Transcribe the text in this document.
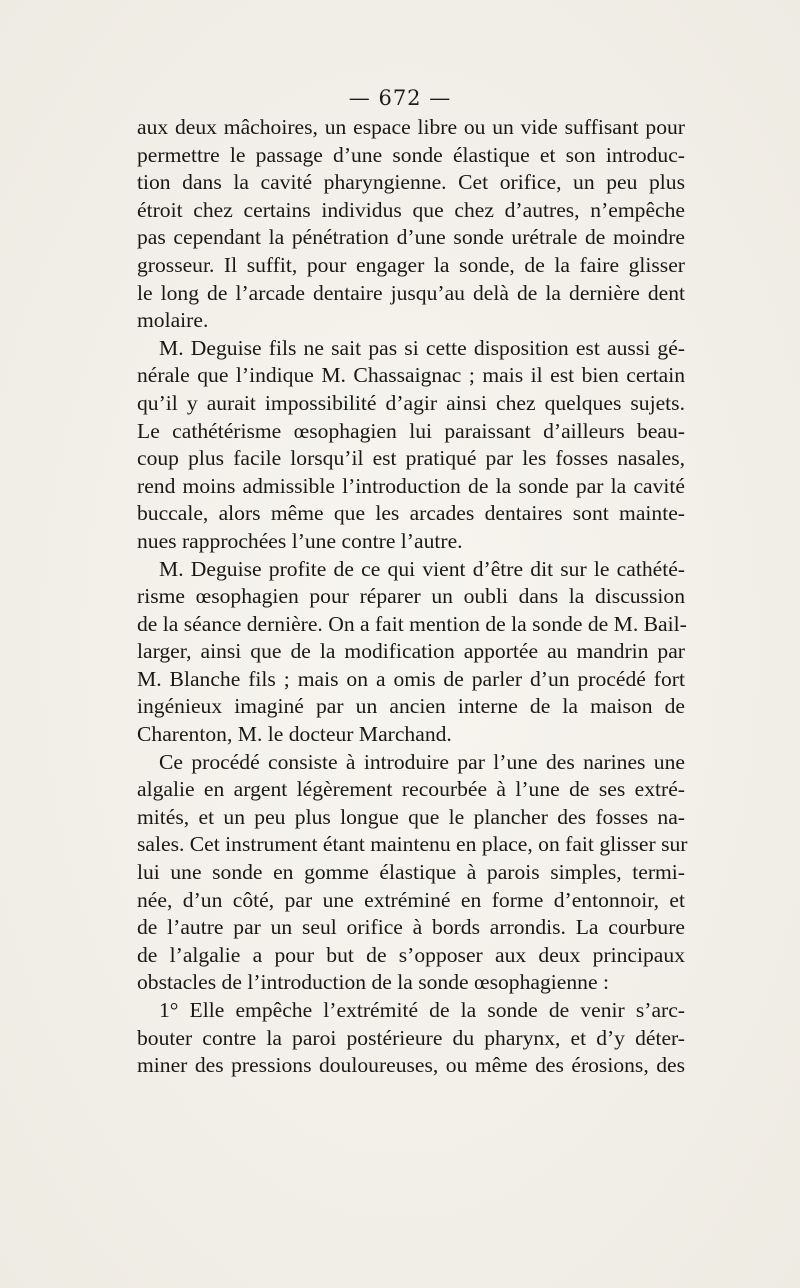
— 672 —
aux deux mâchoires, un espace libre ou un vide suffisant pour
permettre le passage d’une sonde élastique et son introduc-
tion dans la cavité pharyngienne. Cet orifice, un peu plus
étroit chez certains individus que chez d’autres, n’empêche
pas cependant la pénétration d’une sonde urétrale de moindre
grosseur. Il suffit, pour engager la sonde, de la faire glisser
le long de l’arcade dentaire jusqu’au delà de la dernière dent
molaire.
M. Deguise fils ne sait pas si cette disposition est aussi gé-
nérale que l’indique M. Chassaignac ; mais il est bien certain
qu’il y aurait impossibilité d’agir ainsi chez quelques sujets.
Le cathétérisme œsophagien lui paraissant d’ailleurs beau-
coup plus facile lorsqu’il est pratiqué par les fosses nasales,
rend moins admissible l’introduction de la sonde par la cavité
buccale, alors même que les arcades dentaires sont mainte-
nues rapprochées l’une contre l’autre.
M. Deguise profite de ce qui vient d’être dit sur le cathété-
risme œsophagien pour réparer un oubli dans la discussion
de la séance dernière. On a fait mention de la sonde de M. Bail-
larger, ainsi que de la modification apportée au mandrin par
M. Blanche fils ; mais on a omis de parler d’un procédé fort
ingénieux imaginé par un ancien interne de la maison de
Charenton, M. le docteur Marchand.
Ce procédé consiste à introduire par l’une des narines une
algalie en argent légèrement recourbée à l’une de ses extré-
mités, et un peu plus longue que le plancher des fosses na-
sales. Cet instrument étant maintenu en place, on fait glisser sur
lui une sonde en gomme élastique à parois simples, termi-
née, d’un côté, par une extréminé en forme d’entonnoir, et
de l’autre par un seul orifice à bords arrondis. La courbure
de l’algalie a pour but de s’opposer aux deux principaux
obstacles de l’introduction de la sonde œsophagienne :
1° Elle empêche l’extrémité de la sonde de venir s’arc-
bouter contre la paroi postérieure du pharynx, et d’y déter-
miner des pressions douloureuses, ou même des érosions, des
